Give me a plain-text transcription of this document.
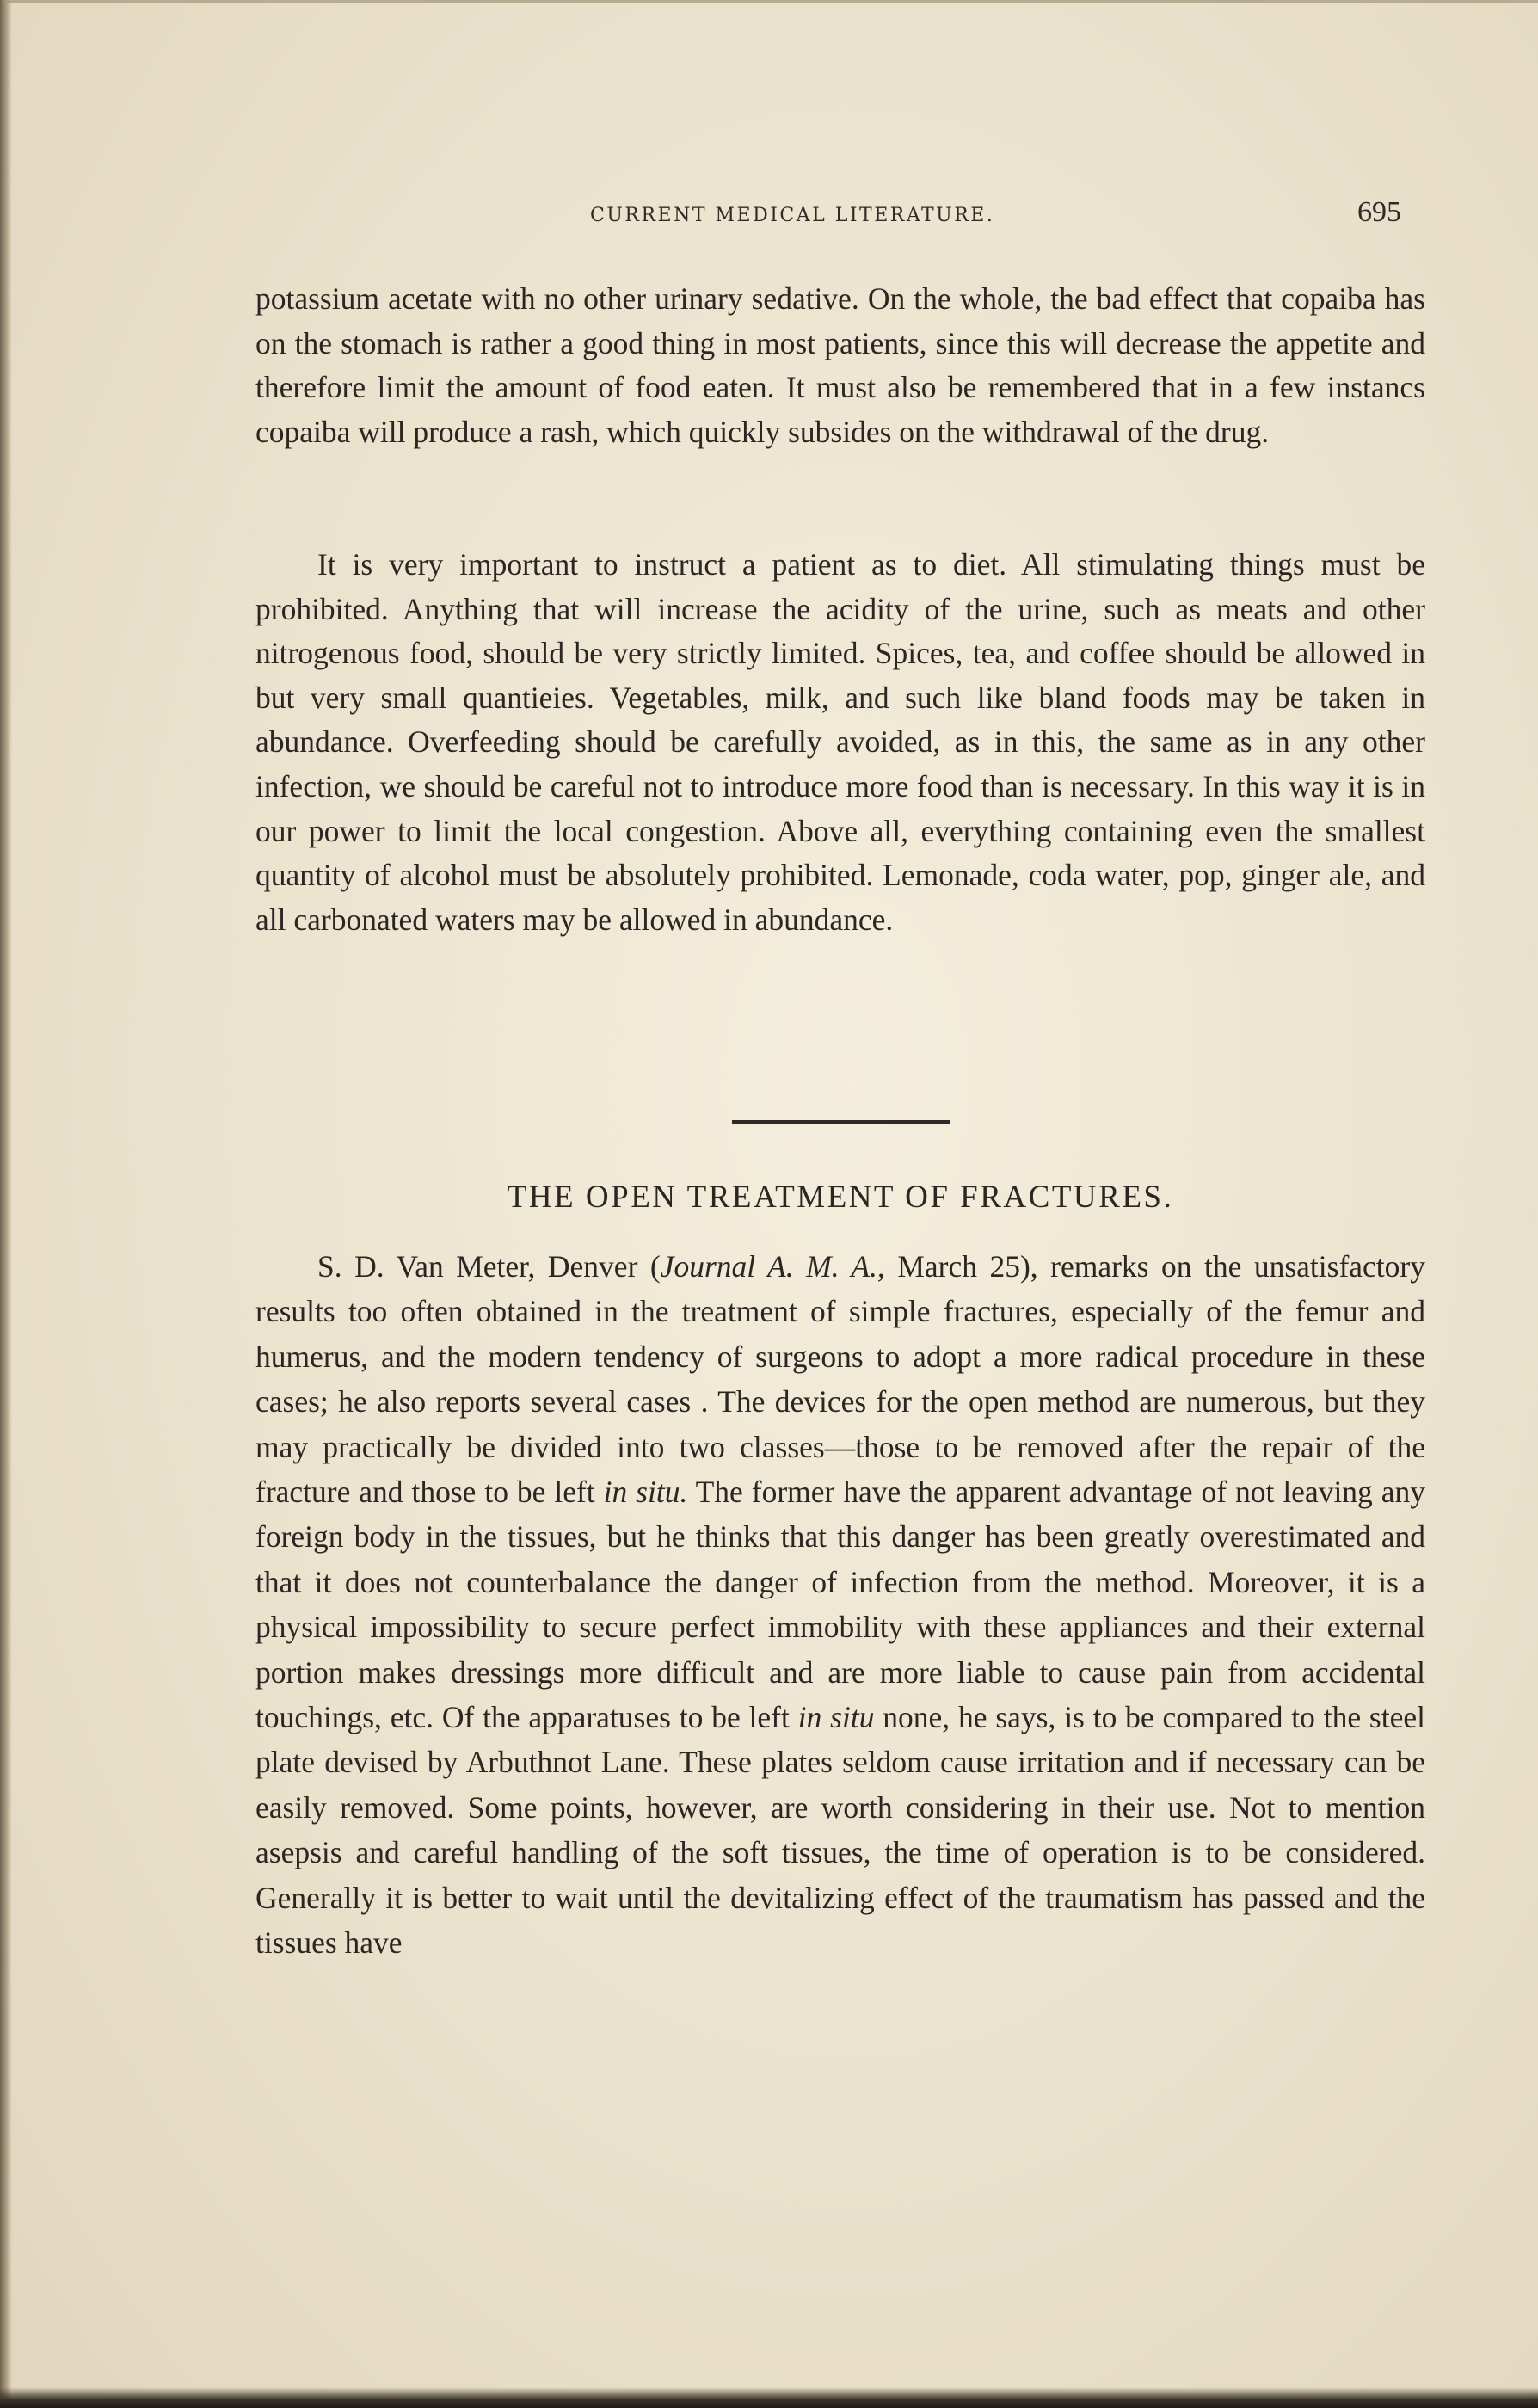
CURRENT MEDICAL LITERATURE.	695

potassium acetate with no other urinary sedative. On the whole, the bad effect that copaiba has on the stomach is rather a good thing in most patients, since this will decrease the appetite and therefore limit the amount of food eaten. It must also be remembered that in a few instancs copaiba will produce a rash, which quickly subsides on the withdrawal of the drug.

It is very important to instruct a patient as to diet. All stimulating things must be prohibited. Anything that will increase the acidity of the urine, such as meats and other nitrogenous food, should be very strictly limited. Spices, tea, and coffee should be allowed in but very small quantieies. Vegetables, milk, and such like bland foods may be taken in abundance. Overfeeding should be carefully avoided, as in this, the same as in any other infection, we should be careful not to introduce more food than is necessary. In this way it is in our power to limit the local congestion. Above all, everything containing even the smallest quantity of alcohol must be absolutely prohibited. Lemonade, coda water, pop, ginger ale, and all carbonated waters may be allowed in abundance.

THE OPEN TREATMENT OF FRACTURES.

S. D. Van Meter, Denver (Journal A. M. A., March 25), remarks on the unsatisfactory results too often obtained in the treatment of simple fractures, especially of the femur and humerus, and the modern tendency of surgeons to adopt a more radical procedure in these cases; he also reports several cases . The devices for the open method are numerous, but they may practically be divided into two classes—those to be removed after the repair of the fracture and those to be left in situ. The former have the apparent advantage of not leaving any foreign body in the tissues, but he thinks that this danger has been greatly overestimated and that it does not counterbalance the danger of infection from the method. Moreover, it is a physical impossibility to secure perfect immobility with these appliances and their external portion makes dressings more difficult and are more liable to cause pain from accidental touchings, etc. Of the apparatuses to be left in situ none, he says, is to be compared to the steel plate devised by Arbuthnot Lane. These plates seldom cause irritation and if necessary can be easily removed. Some points, however, are worth considering in their use. Not to mention asepsis and careful handling of the soft tissues, the time of operation is to be considered. Generally it is better to wait until the devitalizing effect of the traumatism has passed and the tissues have
